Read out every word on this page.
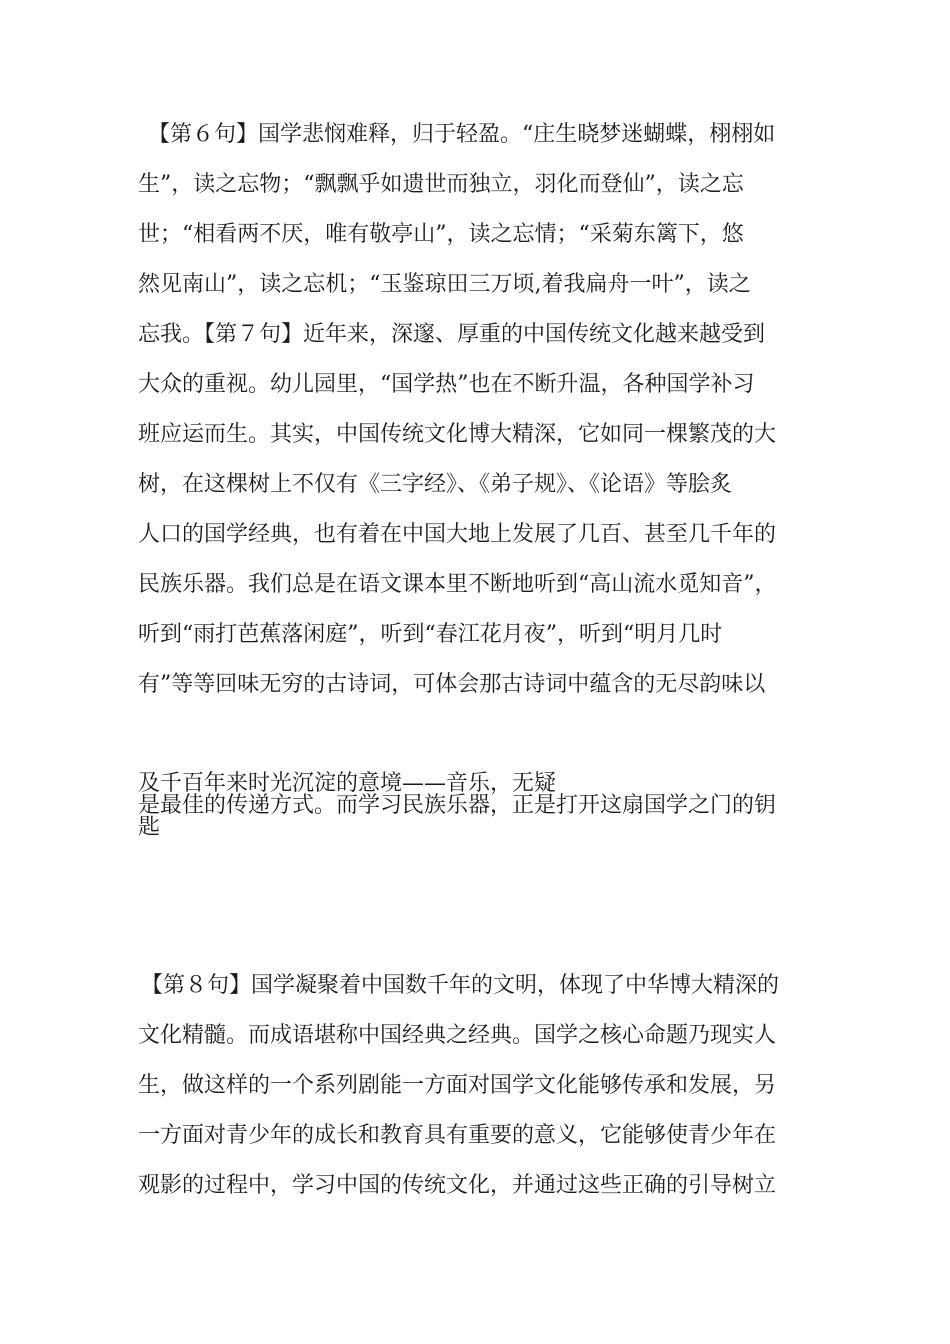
【第６句】国学悲悯难释，归于轻盈。“庄生晓梦迷蝴蝶，栩栩如
生”，读之忘物；“飘飘乎如遗世而独立，羽化而登仙”，读之忘
世；“相看两不厌，唯有敬亭山”，读之忘情；“采菊东篱下，悠
然见南山”，读之忘机；“玉鉴琼田三万顷,着我扁舟一叶”，读之
忘我。【第７句】近年来，深邃、厚重的中国传统文化越来越受到
大众的重视。幼儿园里，“国学热”也在不断升温，各种国学补习
班应运而生。其实，中国传统文化博大精深，它如同一棵繁茂的大
树，在这棵树上不仅有《三字经》、《弟子规》、《论语》等脍炙
人口的国学经典，也有着在中国大地上发展了几百、甚至几千年的
民族乐器。我们总是在语文课本里不断地听到“高山流水觅知音”，
听到“雨打芭蕉落闲庭”，听到“春江花月夜”，听到“明月几时
有”等等回味无穷的古诗词，可体会那古诗词中蕴含的无尽韵味以
及千百年来时光沉淀的意境——音乐，无疑
是最佳的传递方式。而学习民族乐器，正是打开这扇国学之门的钥
匙
【第８句】国学凝聚着中国数千年的文明，体现了中华博大精深的
文化精髓。而成语堪称中国经典之经典。国学之核心命题乃现实人
生，做这样的一个系列剧能一方面对国学文化能够传承和发展，另
一方面对青少年的成长和教育具有重要的意义，它能够使青少年在
观影的过程中，学习中国的传统文化，并通过这些正确的引导树立
